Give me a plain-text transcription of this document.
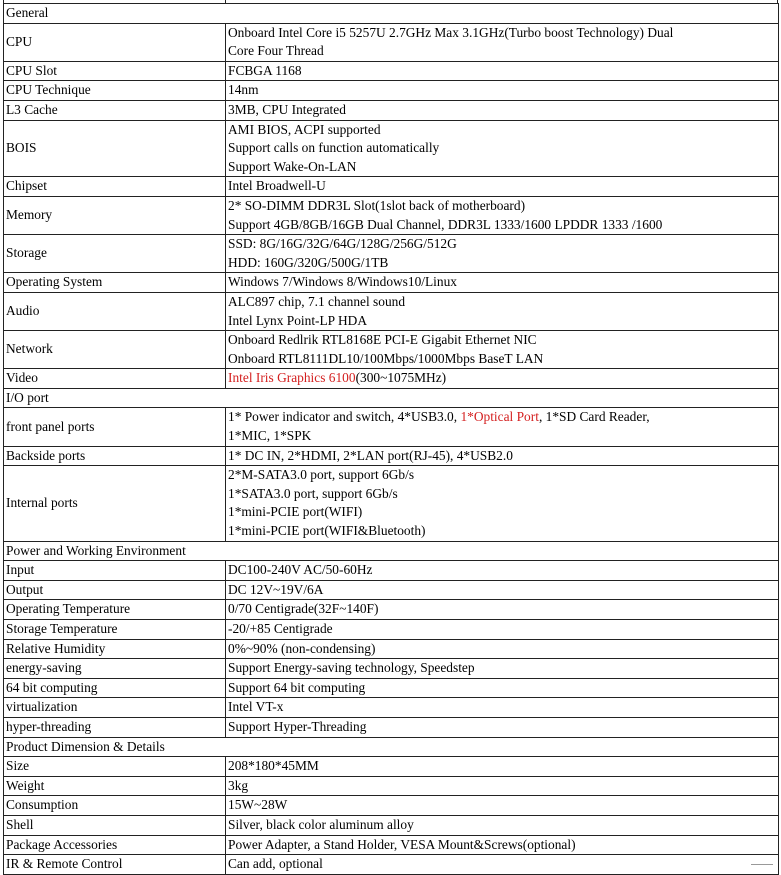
General	
CPU	Onboard Intel Core i5 5257U 2.7GHz Max 3.1GHz(Turbo boost Technology) Dual
Core Four Thread

CPU Slot	FCBGA 1168

CPU Technique	14nm

L3 Cache	3MB, CPU Integrated

BOIS	AMI BIOS, ACPI supported
Support calls on function automatically
Support Wake-On-LAN

Chipset	Intel Broadwell-U

Memory	2* SO-DIMM DDR3L Slot(1slot back of motherboard)
Support 4GB/8GB/16GB Dual Channel, DDR3L 1333/1600 LPDDR 1333 /1600

Storage	SSD: 8G/16G/32G/64G/128G/256G/512G
HDD: 160G/320G/500G/1TB

Operating System	Windows 7/Windows 8/Windows10/Linux

Audio	ALC897 chip, 7.1 channel sound
Intel Lynx Point-LP HDA

Network	Onboard Redlrik RTL8168E PCI-E Gigabit Ethernet NIC
Onboard RTL8111DL10/100Mbps/1000Mbps BaseT LAN

Video	Intel Iris Graphics 6100(300~1075MHz)

I/O port	
front panel ports	1* Power indicator and switch, 4*USB3.0, 1*Optical Port, 1*SD Card Reader,
1*MIC, 1*SPK

Backside ports	1* DC IN, 2*HDMI, 2*LAN port(RJ-45), 4*USB2.0

Internal ports	2*M-SATA3.0 port, support 6Gb/s
1*SATA3.0 port, support 6Gb/s
1*mini-PCIE port(WIFI)
1*mini-PCIE port(WIFI&Bluetooth)

Power and Working Environment	
Input	DC100-240V AC/50-60Hz

Output	DC 12V~19V/6A

Operating Temperature	0/70 Centigrade(32F~140F)

Storage Temperature	-20/+85 Centigrade

Relative Humidity	0%~90% (non-condensing)

energy-saving	Support Energy-saving technology, Speedstep

64 bit computing	Support 64 bit computing

virtualization	Intel VT-x

hyper-threading	Support Hyper-Threading

Product Dimension & Details	
Size	208*180*45MM

Weight	3kg

Consumption	15W~28W

Shell	Silver, black color aluminum alloy

Package Accessories	Power Adapter, a Stand Holder, VESA Mount&Screws(optional)

IR & Remote Control	Can add, optional
